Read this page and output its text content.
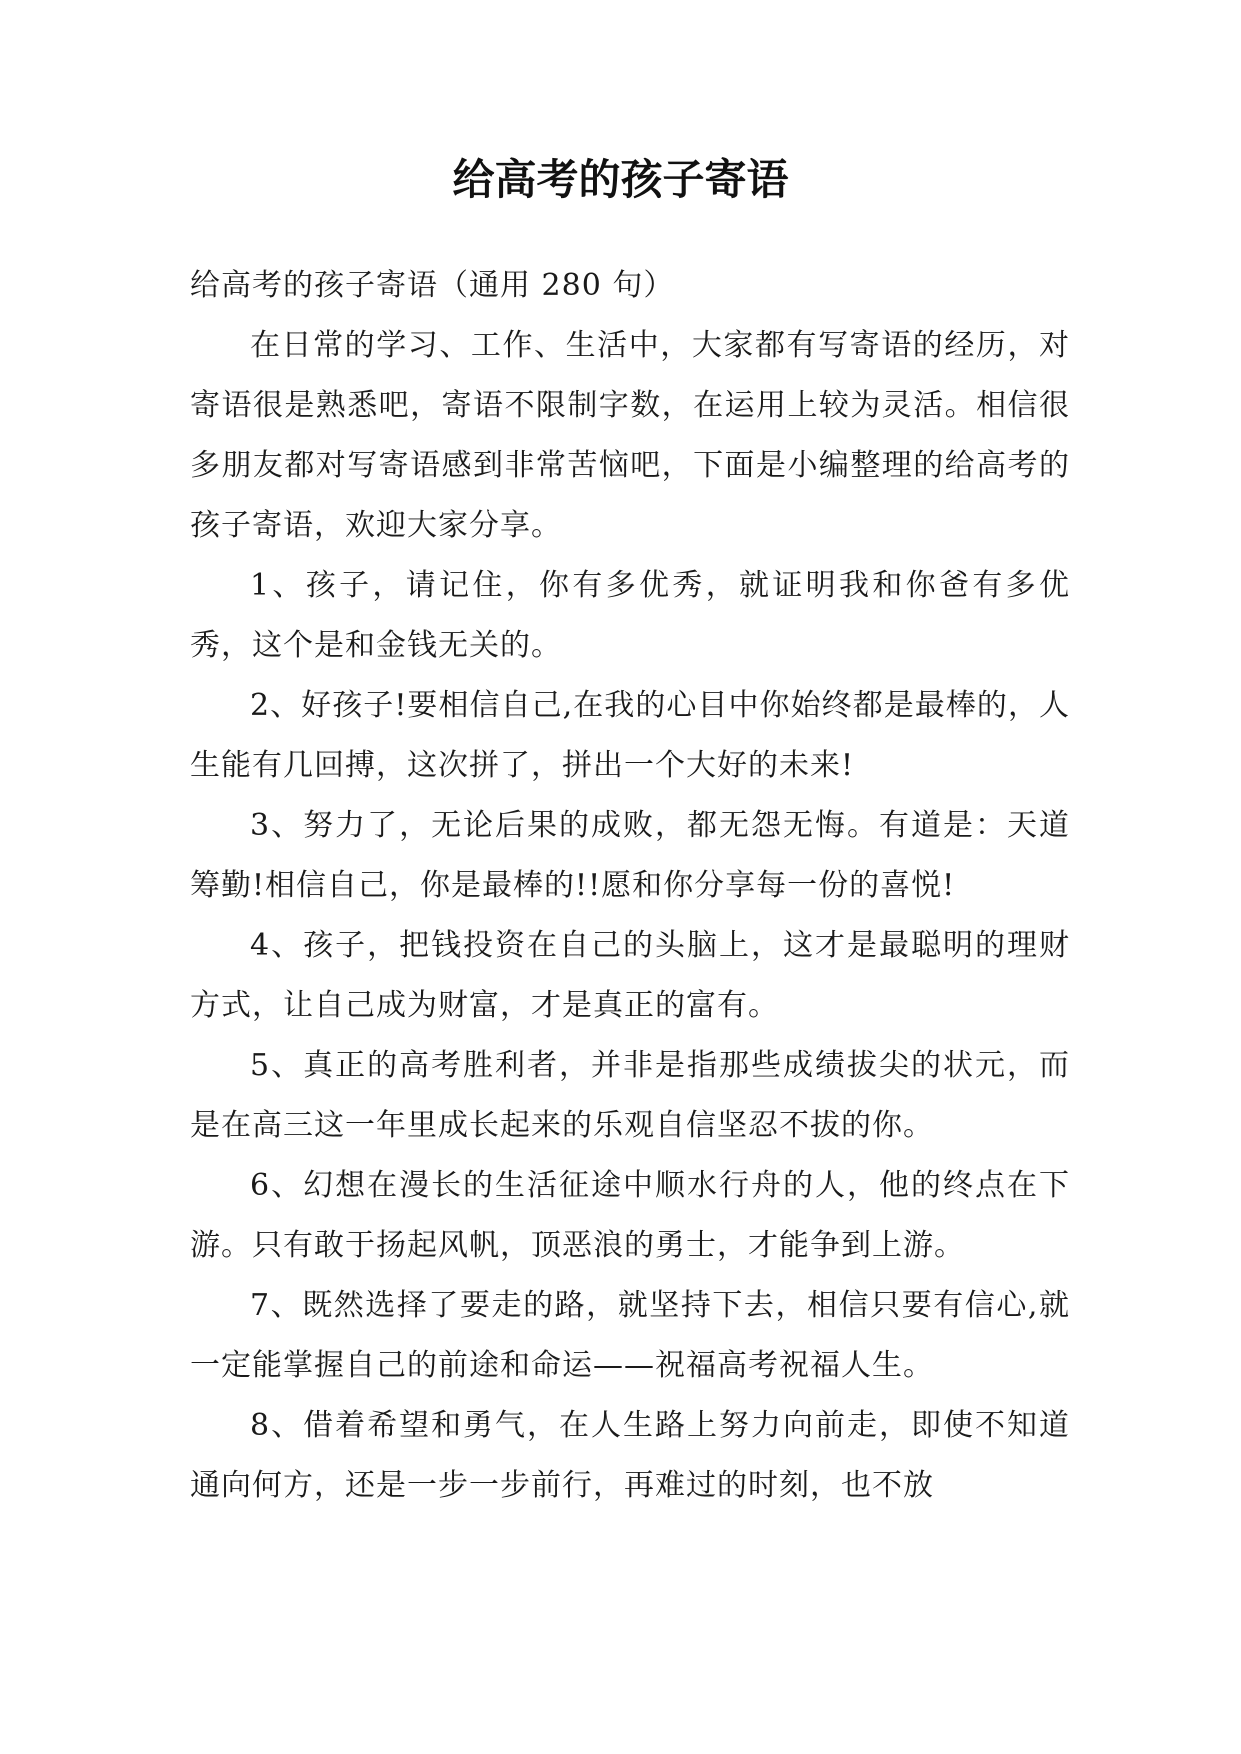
给高考的孩子寄语

给高考的孩子寄语（通用 280 句）

在日常的学习、工作、生活中，大家都有写寄语的经历，对寄语很是熟悉吧，寄语不限制字数，在运用上较为灵活。相信很多朋友都对写寄语感到非常苦恼吧，下面是小编整理的给高考的孩子寄语，欢迎大家分享。

1、孩子，请记住，你有多优秀，就证明我和你爸有多优秀，这个是和金钱无关的。

2、好孩子!要相信自己,在我的心目中你始终都是最棒的，人生能有几回搏，这次拼了，拼出一个大好的未来!

3、努力了，无论后果的成败，都无怨无悔。有道是：天道筹勤!相信自己，你是最棒的!!愿和你分享每一份的喜悦!

4、孩子，把钱投资在自己的头脑上，这才是最聪明的理财方式，让自己成为财富，才是真正的富有。

5、真正的高考胜利者，并非是指那些成绩拔尖的状元，而是在高三这一年里成长起来的乐观自信坚忍不拔的你。

6、幻想在漫长的生活征途中顺水行舟的人，他的终点在下游。只有敢于扬起风帆，顶恶浪的勇士，才能争到上游。

7、既然选择了要走的路，就坚持下去，相信只要有信心,就一定能掌握自己的前途和命运——祝福高考祝福人生。

8、借着希望和勇气，在人生路上努力向前走，即使不知道通向何方，还是一步一步前行，再难过的时刻，也不放
